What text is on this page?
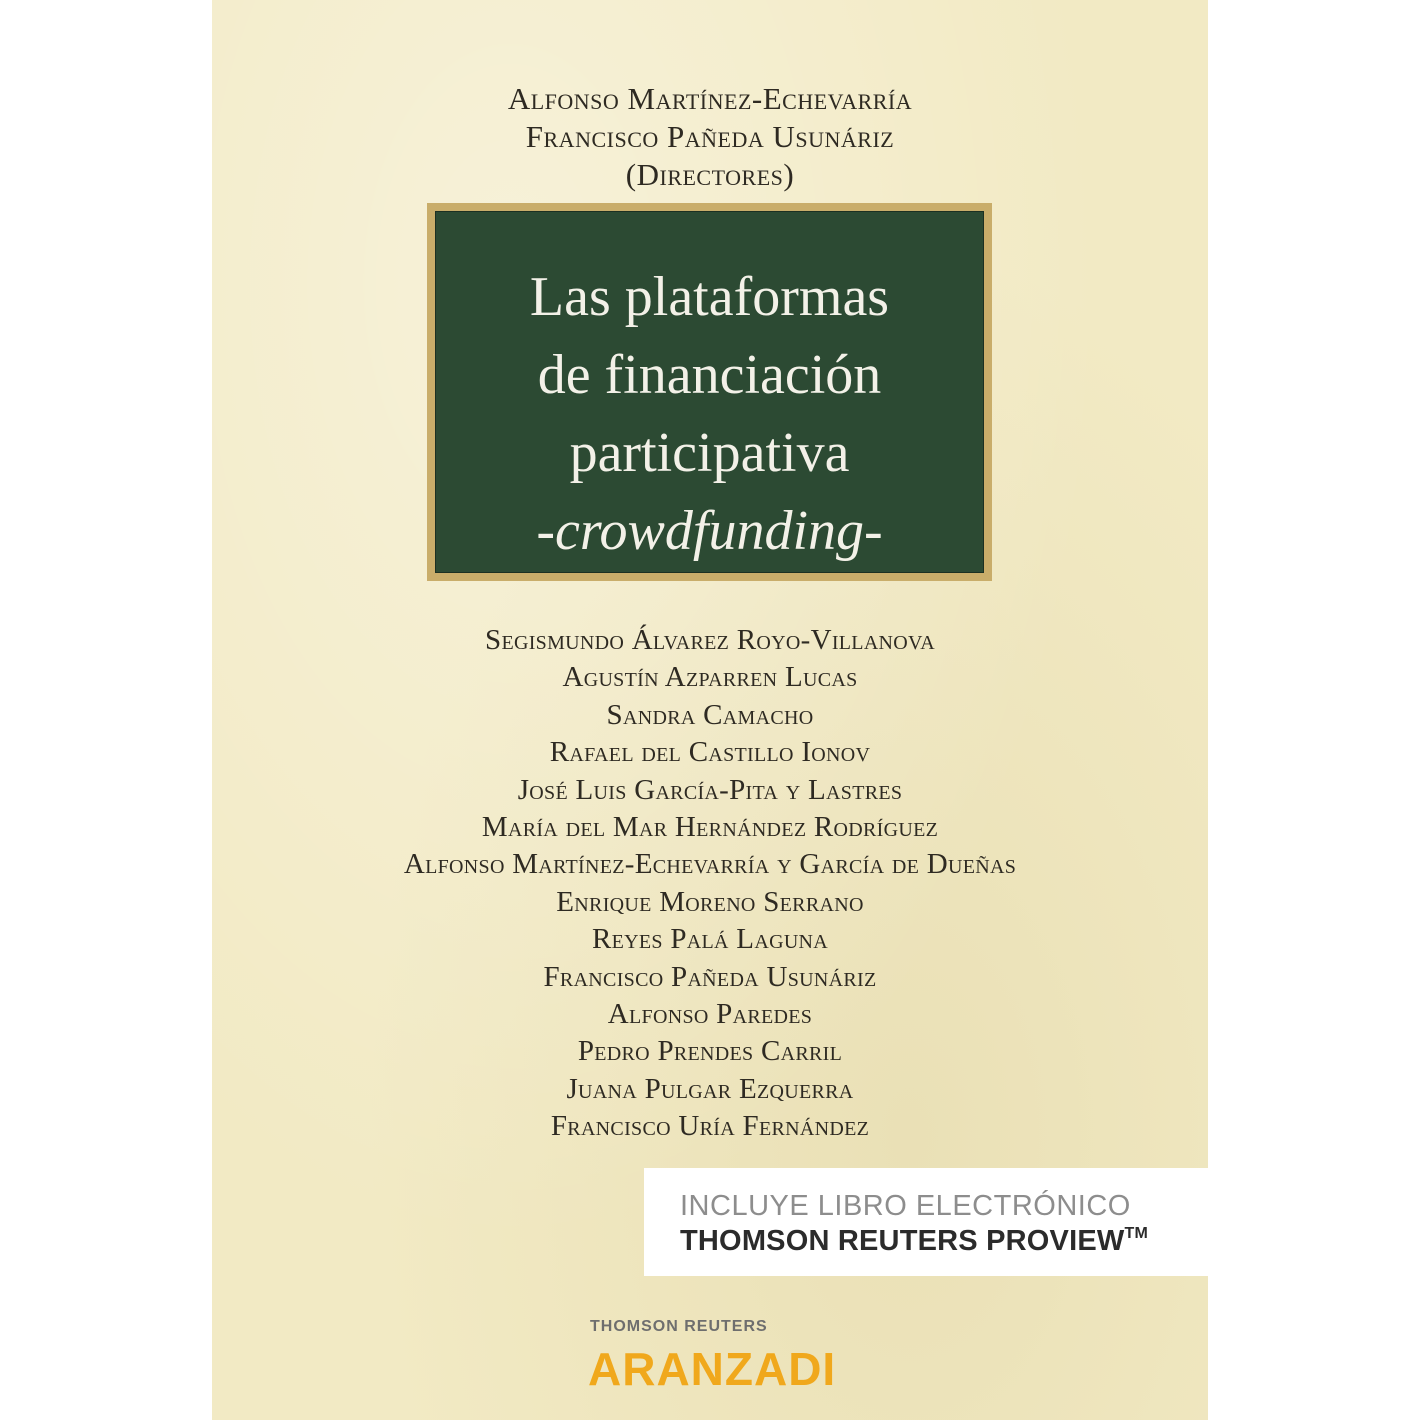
Alfonso Martínez-Echevarría
Francisco Pañeda Usunáriz
(Directores)
Las plataformas
de financiación
participativa
-crowdfunding-
Segismundo Álvarez Royo-Villanova
Agustín Azparren Lucas
Sandra Camacho
Rafael del Castillo Ionov
José Luis García-Pita y Lastres
María del Mar Hernández Rodríguez
Alfonso Martínez-Echevarría y García de Dueñas
Enrique Moreno Serrano
Reyes Palá Laguna
Francisco Pañeda Usunáriz
Alfonso Paredes
Pedro Prendes Carril
Juana Pulgar Ezquerra
Francisco Uría Fernández
INCLUYE LIBRO ELECTRÓNICO
THOMSON REUTERS PROVIEW™
THOMSON REUTERS
ARANZADI
